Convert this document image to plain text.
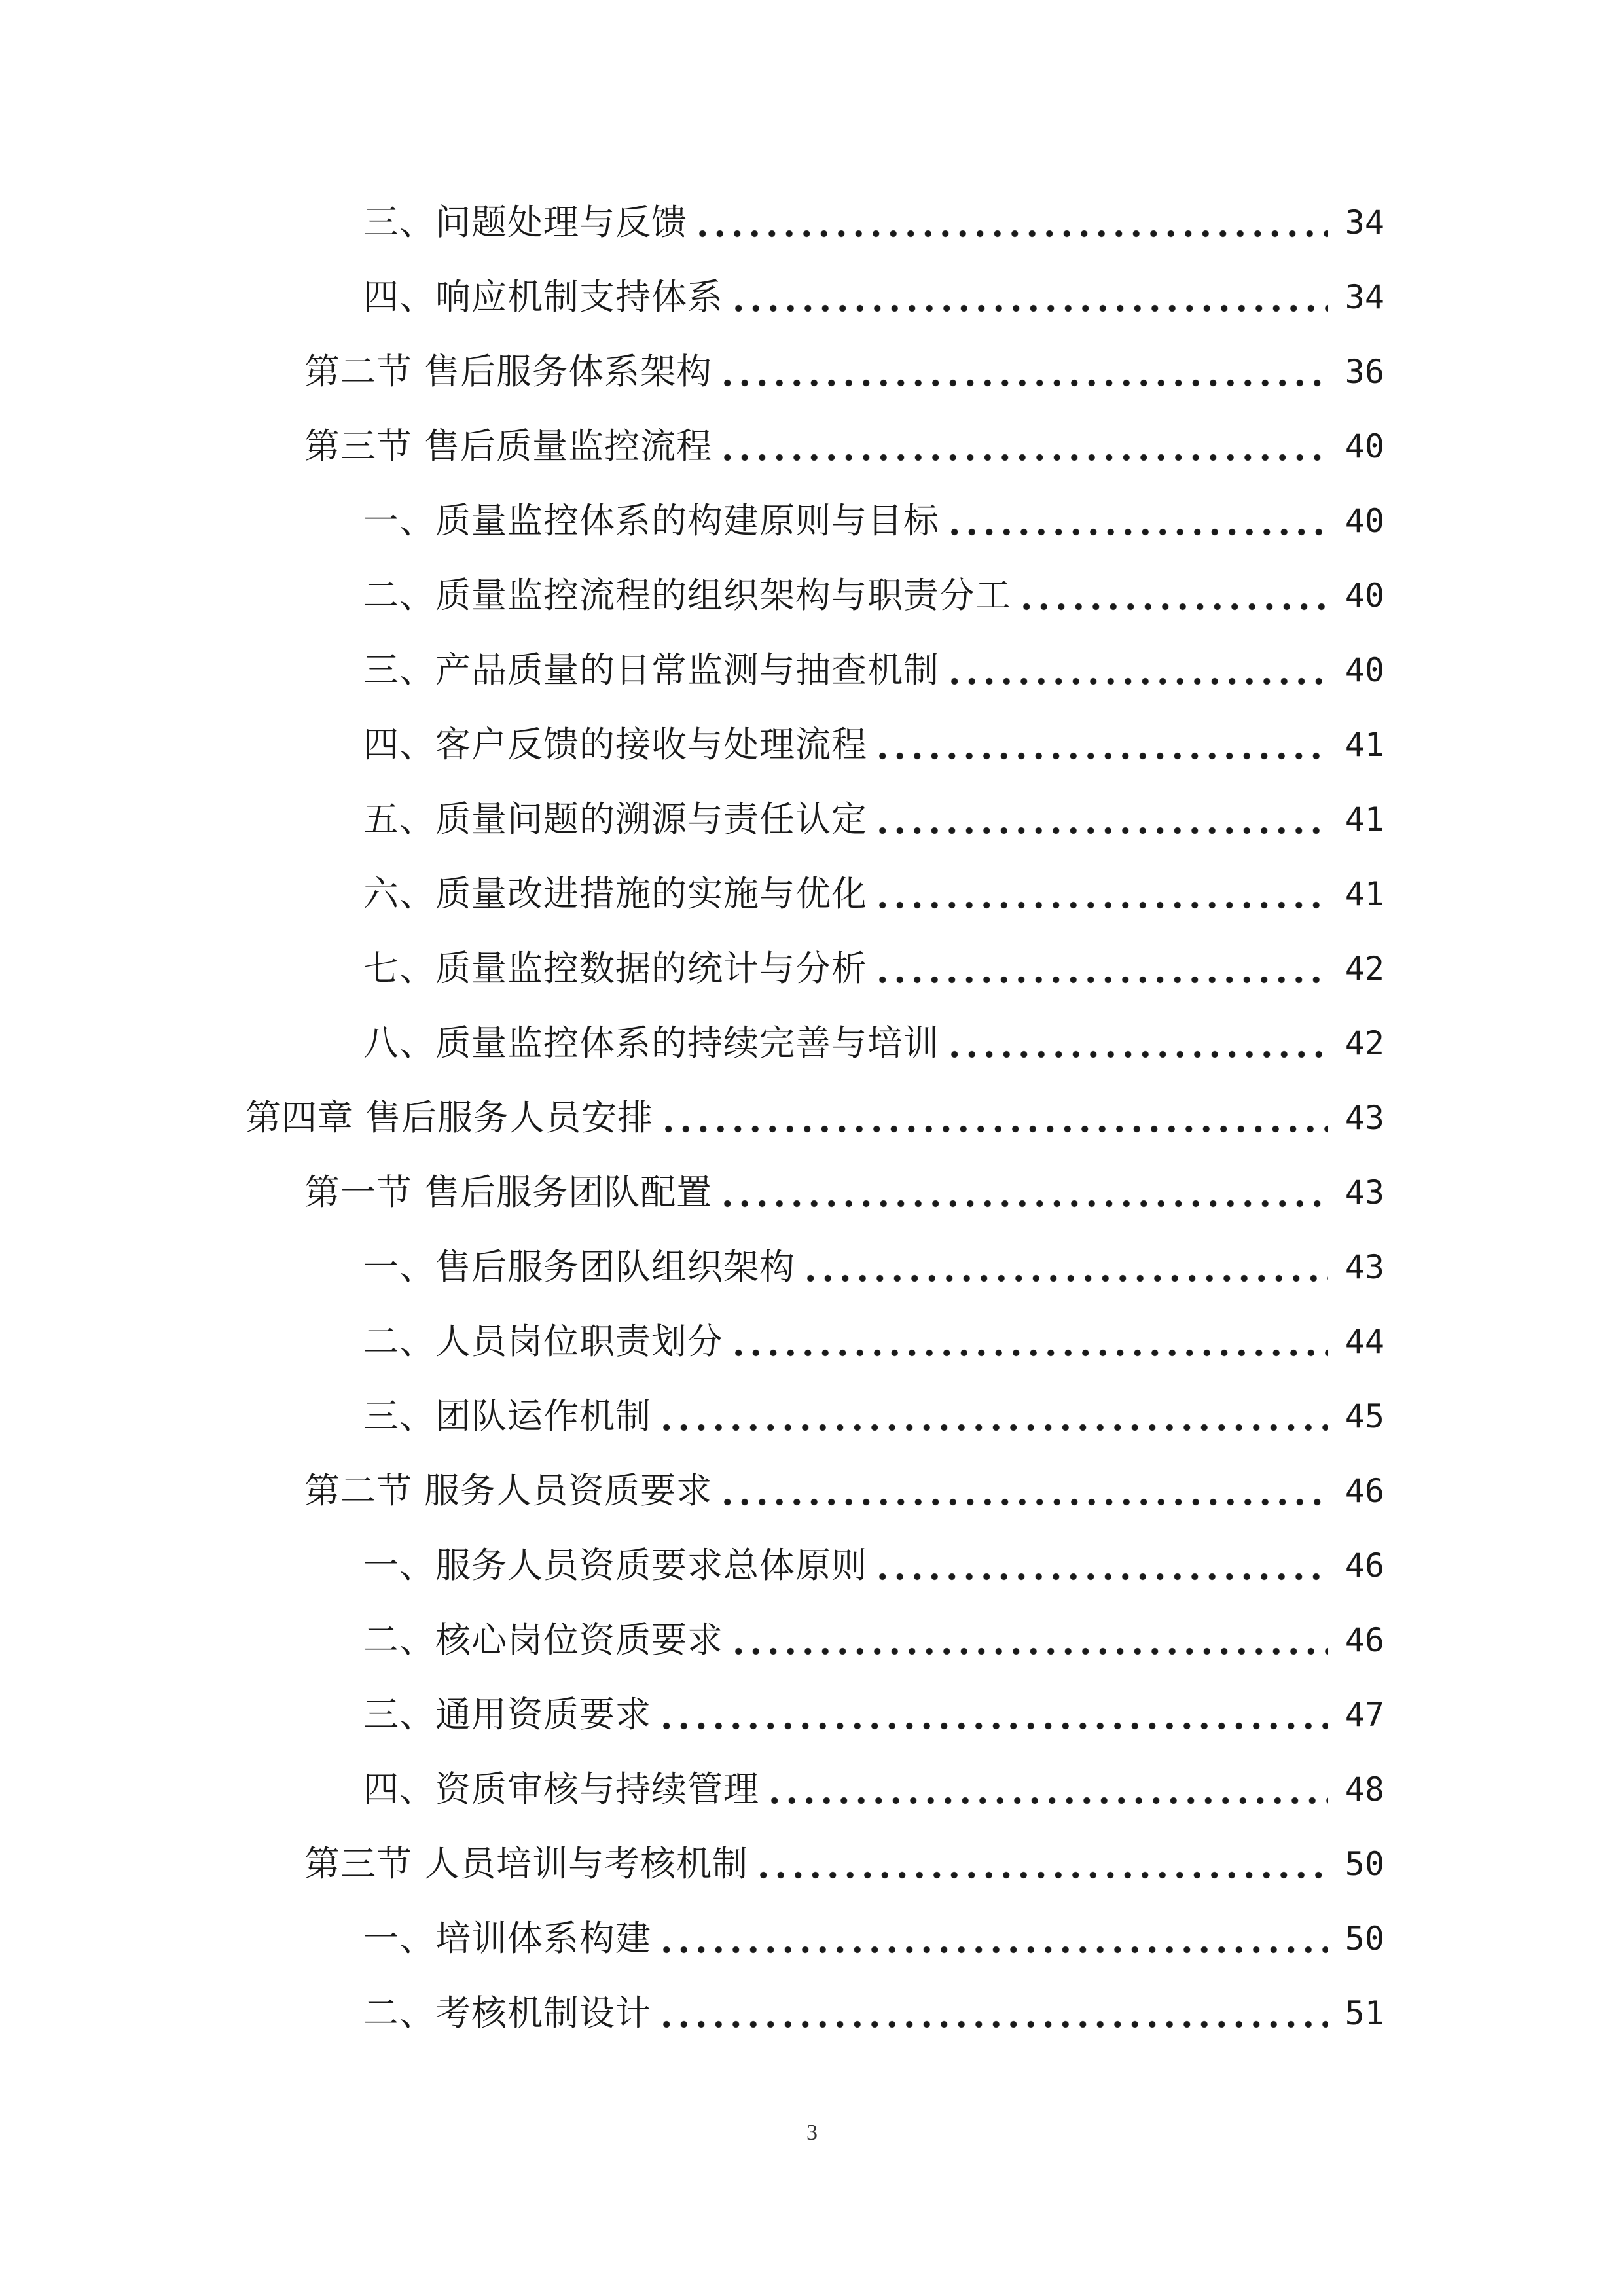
三、问题处理与反馈	34
四、响应机制支持体系	34
第二节 售后服务体系架构	36
第三节 售后质量监控流程	40
一、质量监控体系的构建原则与目标	40
二、质量监控流程的组织架构与职责分工	40
三、产品质量的日常监测与抽查机制	40
四、客户反馈的接收与处理流程	41
五、质量问题的溯源与责任认定	41
六、质量改进措施的实施与优化	41
七、质量监控数据的统计与分析	42
八、质量监控体系的持续完善与培训	42
第四章 售后服务人员安排	43
第一节 售后服务团队配置	43
一、售后服务团队组织架构	43
二、人员岗位职责划分	44
三、团队运作机制	45
第二节 服务人员资质要求	46
一、服务人员资质要求总体原则	46
二、核心岗位资质要求	46
三、通用资质要求	47
四、资质审核与持续管理	48
第三节 人员培训与考核机制	50
一、培训体系构建	50
二、考核机制设计	51
3
